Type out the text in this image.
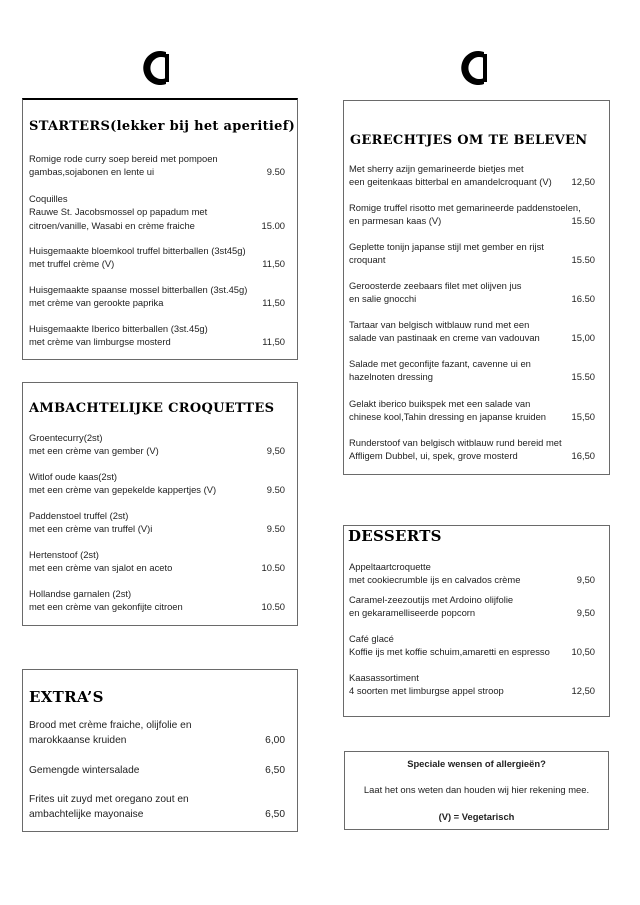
STARTERS(lekker bij het aperitief)
Romige rode curry soep bereid met pompoen
gambas,sojabonen en lente ui	9.50
Coquilles
Rauwe St. Jacobsmossel op papadum met
citroen/vanille, Wasabi en crème fraiche	15.00
Huisgemaakte bloemkool truffel bitterballen (3st45g)
met truffel crème (V)	11,50
Huisgemaakte spaanse mossel bitterballen (3st.45g)
met crème van gerookte paprika	11,50
Huisgemaakte Iberico bitterballen (3st.45g)
met crème van limburgse mosterd	11,50
AMBACHTELIJKE CROQUETTES
Groentecurry(2st)
met een crème van gember (V)	9,50
Witlof oude kaas(2st)
met een crème van gepekelde kappertjes (V)	9.50
Paddenstoel truffel (2st)
met een crème van truffel (V)i	9.50
Hertenstoof (2st)
met een crème van sjalot en aceto	10.50
Hollandse garnalen (2st)
met een crème van gekonfijte citroen	10.50
EXTRA’S
Brood met crème fraiche, olijfolie en
marokkaanse kruiden	6,00
Gemengde wintersalade	6,50
Frites uit zuyd met oregano zout en
ambachtelijke mayonaise	6,50
GERECHTJES OM TE BELEVEN
Met sherry azijn gemarineerde bietjes met
een geitenkaas bitterbal en amandelcroquant (V) 12,50
Romige truffel risotto met gemarineerde paddenstoelen,
en parmesan kaas (V)	15.50
Geplette tonijn japanse stijl met gember en rijst
croquant	15.50
Geroosterde zeebaars filet met olijven jus
en salie gnocchi	16.50
Tartaar van belgisch witblauw rund met een
salade van pastinaak en creme van vadouvan	15,00
Salade met geconfijte fazant, cavenne ui en
hazelnoten dressing	15.50
Gelakt iberico buikspek met een salade van
chinese kool,Tahin dressing en japanse kruiden	15,50
Runderstoof van belgisch witblauw rund bereid met
Affligem Dubbel, ui, spek, grove mosterd	16,50
DESSERTS
Appeltaartcroquette
met cookiecrumble ijs en calvados crème	9,50
Caramel-zeezoutijs met Ardoino olijfolie
en gekaramelliseerde popcorn	9,50
Café glacé
Koffie ijs met koffie schuim,amaretti en espresso 10,50
Kaasassortiment
4 soorten met limburgse appel stroop	12,50
Speciale wensen of allergieën?
Laat het ons weten dan houden wij hier rekening mee.
(V) = Vegetarisch
